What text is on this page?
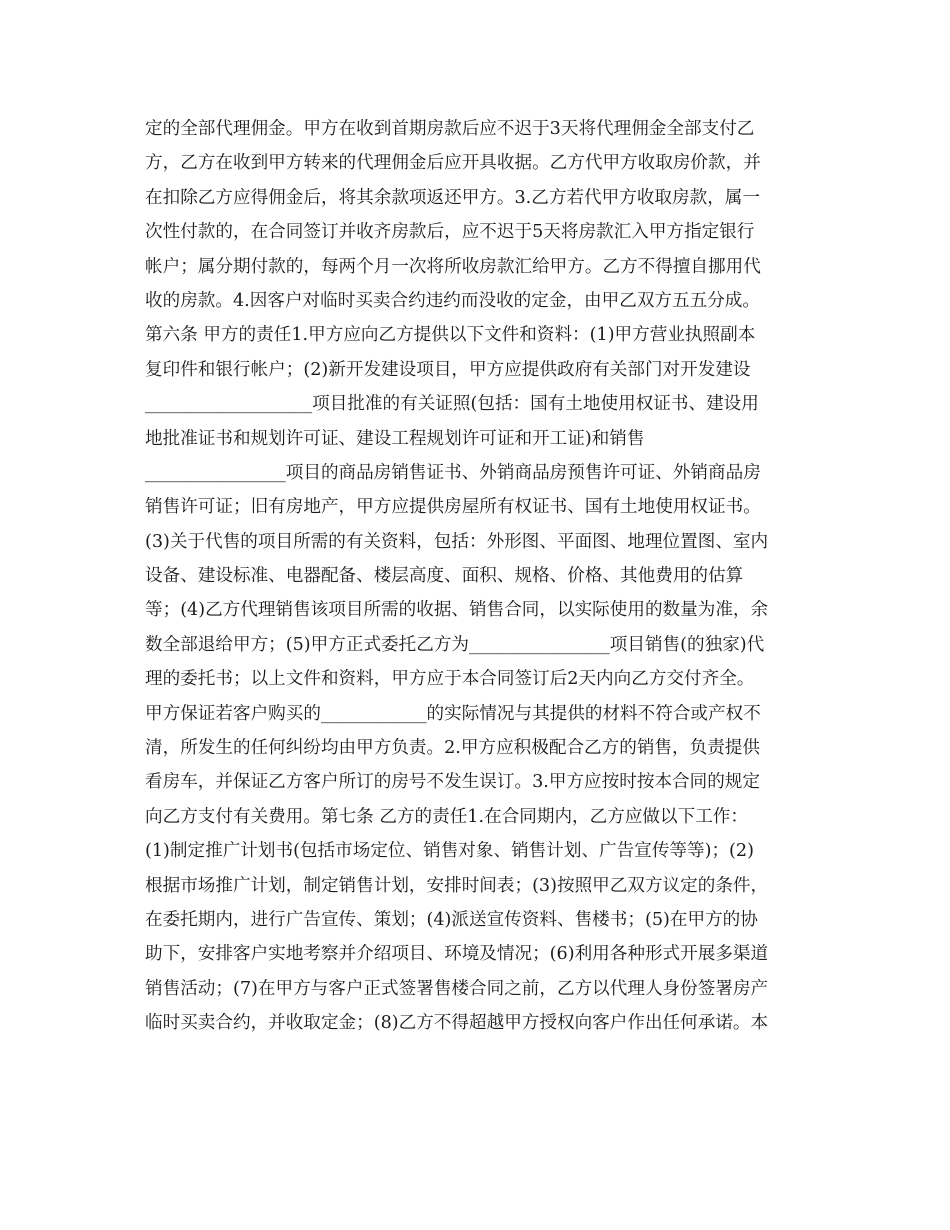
定的全部代理佣金。甲方在收到首期房款后应不迟于3天将代理佣金全部支付乙
方，乙方在收到甲方转来的代理佣金后应开具收据。乙方代甲方收取房价款，并
在扣除乙方应得佣金后，将其余款项返还甲方。3.乙方若代甲方收取房款，属一
次性付款的，在合同签订并收齐房款后，应不迟于5天将房款汇入甲方指定银行
帐户；属分期付款的，每两个月一次将所收房款汇给甲方。乙方不得擅自挪用代
收的房款。4.因客户对临时买卖合约违约而没收的定金，由甲乙双方五五分成。
第六条 甲方的责任1.甲方应向乙方提供以下文件和资料：(1)甲方营业执照副本
复印件和银行帐户；(2)新开发建设项目，甲方应提供政府有关部门对开发建设
___________________项目批准的有关证照(包括：国有土地使用权证书、建设用
地批准证书和规划许可证、建设工程规划许可证和开工证)和销售
________________项目的商品房销售证书、外销商品房预售许可证、外销商品房
销售许可证；旧有房地产，甲方应提供房屋所有权证书、国有土地使用权证书。
(3)关于代售的项目所需的有关资料，包括：外形图、平面图、地理位置图、室内
设备、建设标准、电器配备、楼层高度、面积、规格、价格、其他费用的估算
等；(4)乙方代理销售该项目所需的收据、销售合同，以实际使用的数量为准，余
数全部退给甲方；(5)甲方正式委托乙方为________________项目销售(的独家)代
理的委托书；以上文件和资料，甲方应于本合同签订后2天内向乙方交付齐全。
甲方保证若客户购买的____________的实际情况与其提供的材料不符合或产权不
清，所发生的任何纠纷均由甲方负责。2.甲方应积极配合乙方的销售，负责提供
看房车，并保证乙方客户所订的房号不发生误订。3.甲方应按时按本合同的规定
向乙方支付有关费用。第七条 乙方的责任1.在合同期内，乙方应做以下工作：
(1)制定推广计划书(包括市场定位、销售对象、销售计划、广告宣传等等)；(2)
根据市场推广计划，制定销售计划，安排时间表；(3)按照甲乙双方议定的条件，
在委托期内，进行广告宣传、策划；(4)派送宣传资料、售楼书；(5)在甲方的协
助下，安排客户实地考察并介绍项目、环境及情况；(6)利用各种形式开展多渠道
销售活动；(7)在甲方与客户正式签署售楼合同之前，乙方以代理人身份签署房产
临时买卖合约，并收取定金；(8)乙方不得超越甲方授权向客户作出任何承诺。本
